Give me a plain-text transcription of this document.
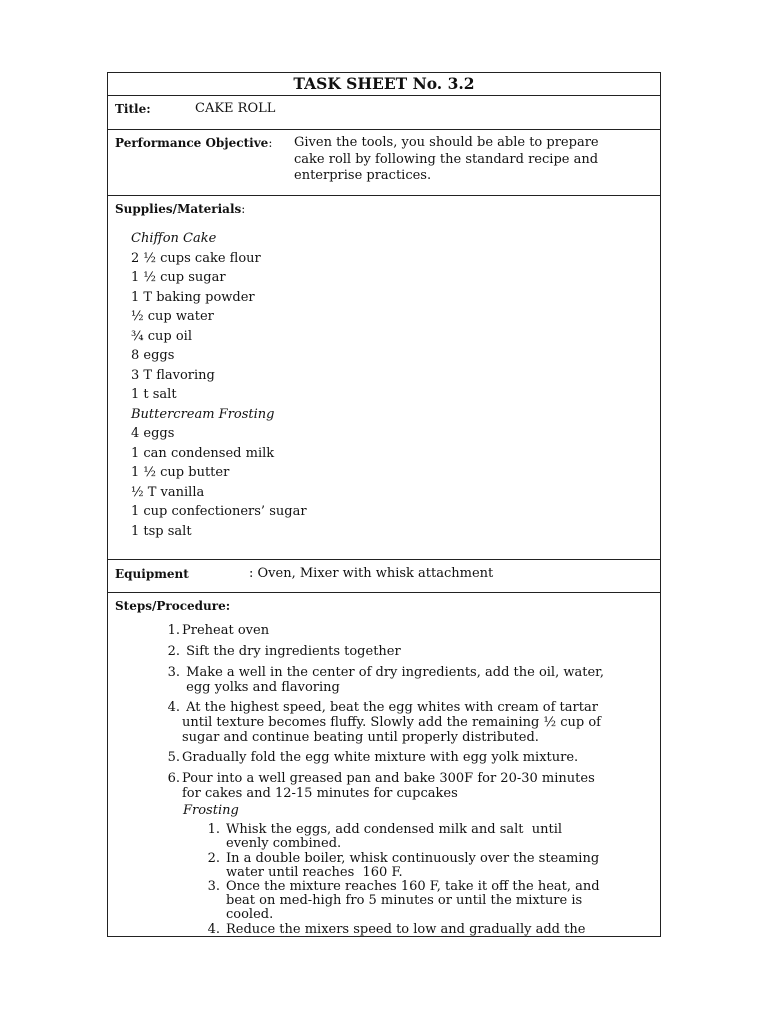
TASK SHEET No. 3.2
Title:	CAKE ROLL
Performance Objective: Given the tools, you should be able to prepare
cake roll by following the standard recipe and
enterprise practices.
Supplies/Materials:
Chiffon Cake
2 ½ cups cake flour
1 ½ cup sugar
1 T baking powder
½ cup water
¾ cup oil
8 eggs
3 T flavoring
1 t salt
Buttercream Frosting
4 eggs
1 can condensed milk
1 ½ cup butter
½ T vanilla
1 cup confectioners’ sugar
1 tsp salt
Equipment	: Oven, Mixer with whisk attachment
Steps/Procedure:
1. Preheat oven
2. Sift the dry ingredients together
3. Make a well in the center of dry ingredients, add the oil, water,
egg yolks and flavoring
4. At the highest speed, beat the egg whites with cream of tartar
until texture becomes fluffy. Slowly add the remaining ½ cup of
sugar and continue beating until properly distributed.
5. Gradually fold the egg white mixture with egg yolk mixture.
6. Pour into a well greased pan and bake 300F for 20-30 minutes
for cakes and 12-15 minutes for cupcakes
Frosting
1. Whisk the eggs, add condensed milk and salt  until
evenly combined.
2. In a double boiler, whisk continuously over the steaming
water until reaches  160 F.
3. Once the mixture reaches 160 F, take it off the heat, and
beat on med-high fro 5 minutes or until the mixture is
cooled.
4. Reduce the mixers speed to low and gradually add the
